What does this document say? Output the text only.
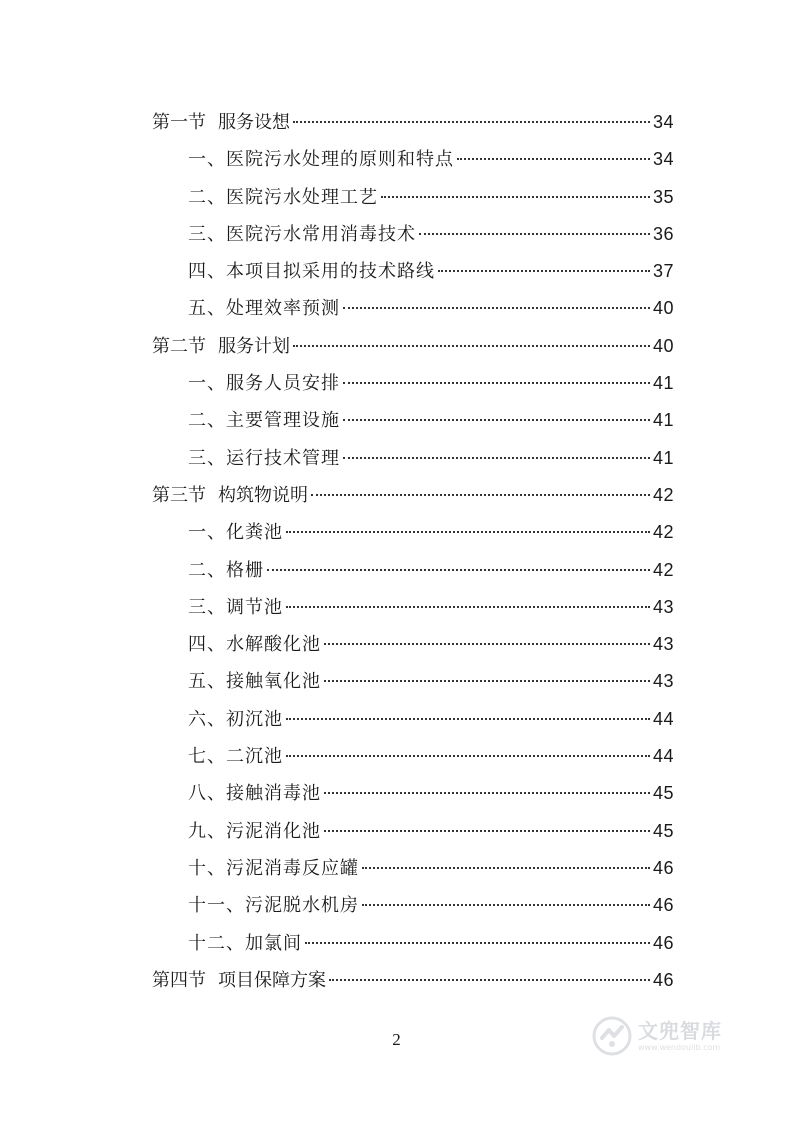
第一节 服务设想	34
一、医院污水处理的原则和特点	34
二、医院污水处理工艺	35
三、医院污水常用消毒技术	36
四、本项目拟采用的技术路线	37
五、处理效率预测	40
第二节 服务计划	40
一、服务人员安排	41
二、主要管理设施	41
三、运行技术管理	41
第三节 构筑物说明	42
一、化粪池	42
二、格栅	42
三、调节池	43
四、水解酸化池	43
五、接触氧化池	43
六、初沉池	44
七、二沉池	44
八、接触消毒池	45
九、污泥消化池	45
十、污泥消毒反应罐	46
十一、污泥脱水机房	46
十二、加氯间	46
第四节 项目保障方案	46
2	文兜智库
www.wendoulib.com
